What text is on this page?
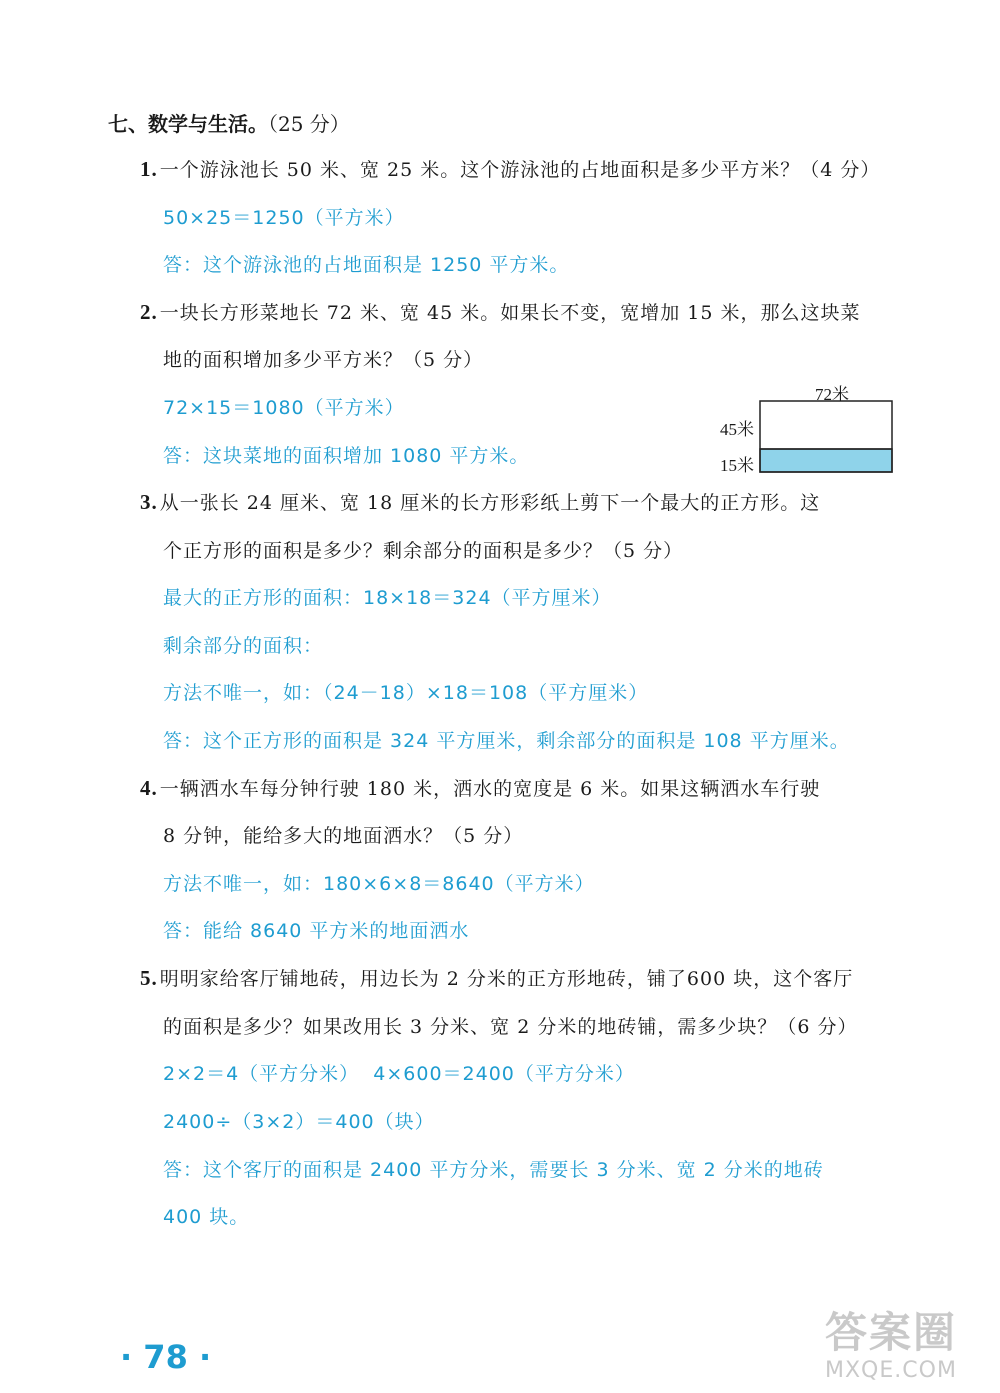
七、数学与生活。（25 分）
1. 一个游泳池长 50 米、宽 25 米。这个游泳池的占地面积是多少平方米？（4 分）
50×25＝1250（平方米）
答：这个游泳池的占地面积是 1250 平方米。
2. 一块长方形菜地长 72 米、宽 45 米。如果长不变，宽增加 15 米，那么这块菜
地的面积增加多少平方米？（5 分）
72×15＝1080（平方米）
答：这块菜地的面积增加 1080 平方米。
72米
45米
15米
3. 从一张长 24 厘米、宽 18 厘米的长方形彩纸上剪下一个最大的正方形。这
个正方形的面积是多少？剩余部分的面积是多少？（5 分）
最大的正方形的面积：18×18＝324（平方厘米）
剩余部分的面积：
方法不唯一，如：（24－18）×18＝108（平方厘米）
答：这个正方形的面积是 324 平方厘米，剩余部分的面积是 108 平方厘米。
4. 一辆洒水车每分钟行驶 180 米，洒水的宽度是 6 米。如果这辆洒水车行驶
8 分钟，能给多大的地面洒水？（5 分）
方法不唯一，如：180×6×8＝8640（平方米）
答：能给 8640 平方米的地面洒水
5. 明明家给客厅铺地砖，用边长为 2 分米的正方形地砖，铺了600 块，这个客厅
的面积是多少？如果改用长 3 分米、宽 2 分米的地砖铺，需多少块？（6 分）
2×2＝4（平方分米）  4×600＝2400（平方分米）
2400÷（3×2）＝400（块）
答：这个客厅的面积是 2400 平方分米，需要长 3 分米、宽 2 分米的地砖
400 块。
· 78 ·	答案圈
MXQE.COM
